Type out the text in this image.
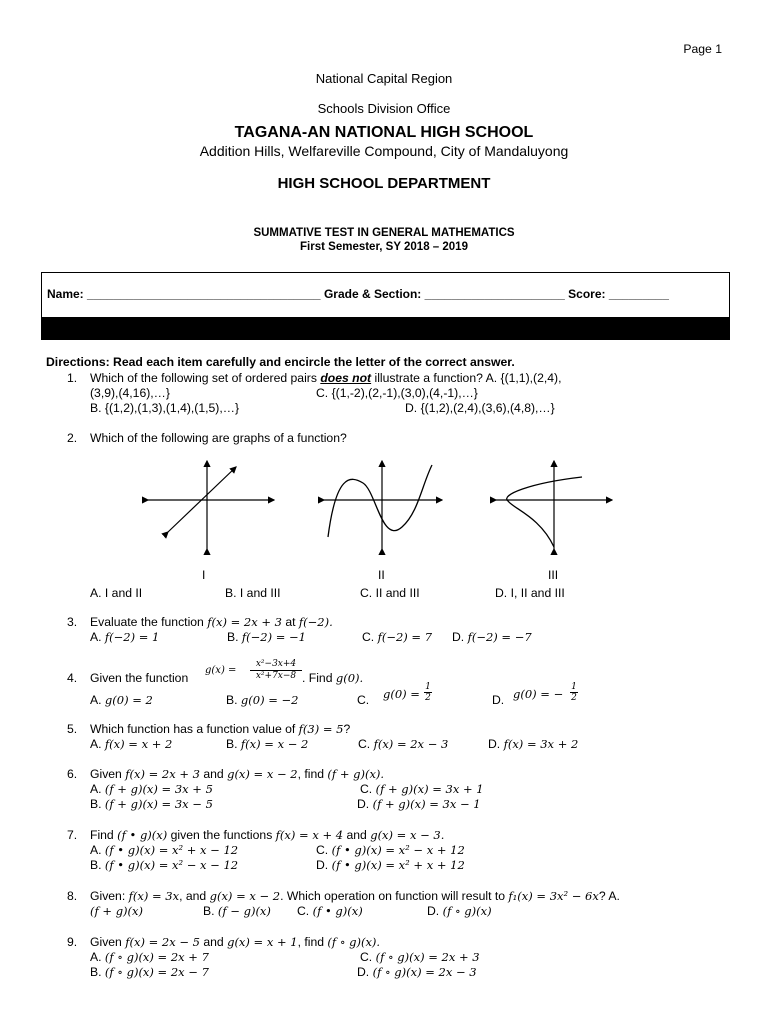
Page 1
National Capital Region
Schools Division Office
TAGANA-AN NATIONAL HIGH SCHOOL
Addition Hills, Welfareville Compound, City of Mandaluyong
HIGH SCHOOL DEPARTMENT
SUMMATIVE TEST IN GENERAL MATHEMATICS
First Semester, SY 2018 – 2019
Name: ___________________________________ Grade & Section: _____________________ Score: _________
Directions: Read each item carefully and encircle the letter of the correct answer.
1. Which of the following set of ordered pairs does not illustrate a function? A. {(1,1),(2,4),
(3,9),(4,16),…}	C. {(1,-2),(2,-1),(3,0),(4,-1),…}
B. {(1,2),(1,3),(1,4),(1,5),…}	D. {(1,2),(2,4),(3,6),(4,8),…}
2. Which of the following are graphs of a function?
I	II	III
A. I and II	B. I and III	C. II and III	D. I, II and III
3. Evaluate the function f(x) = 2x + 3 at f(−2).
A. f(−2) = 1	B. f(−2) = −1	C. f(−2) = 7 D. f(−2) = −7
4. Given the function
g(x) =
x²−3x+4
x²+7x−8 . Find g(0).
A. g(0) = 2	B. g(0) = −2	C. g(0) = 1
2	D. g(0) = − 1
2
5. Which function has a function value of f(3) = 5?
A. f(x) = x + 2	B. f(x) = x − 2	C. f(x) = 2x − 3	D. f(x) = 3x + 2
6. Given f(x) = 2x + 3 and g(x) = x − 2, find (f + g)(x).
A. (f + g)(x) = 3x + 5	C. (f + g)(x) = 3x + 1
B. (f + g)(x) = 3x − 5	D. (f + g)(x) = 3x − 1
7. Find (f • g)(x) given the functions f(x) = x + 4 and g(x) = x − 3.
A. (f • g)(x) = x² + x − 12	C. (f • g)(x) = x² − x + 12
B. (f • g)(x) = x² − x − 12	D. (f • g)(x) = x² + x + 12
8. Given: f(x) = 3x, and g(x) = x − 2. Which operation on function will result to f₁(x) = 3x² − 6x? A.
(f + g)(x)	B. (f − g)(x) C. (f • g)(x)	D. (f ∘ g)(x)
9. Given f(x) = 2x − 5 and g(x) = x + 1, find (f ∘ g)(x).
A. (f ∘ g)(x) = 2x + 7	C. (f ∘ g)(x) = 2x + 3
B. (f ∘ g)(x) = 2x − 7	D. (f ∘ g)(x) = 2x − 3
